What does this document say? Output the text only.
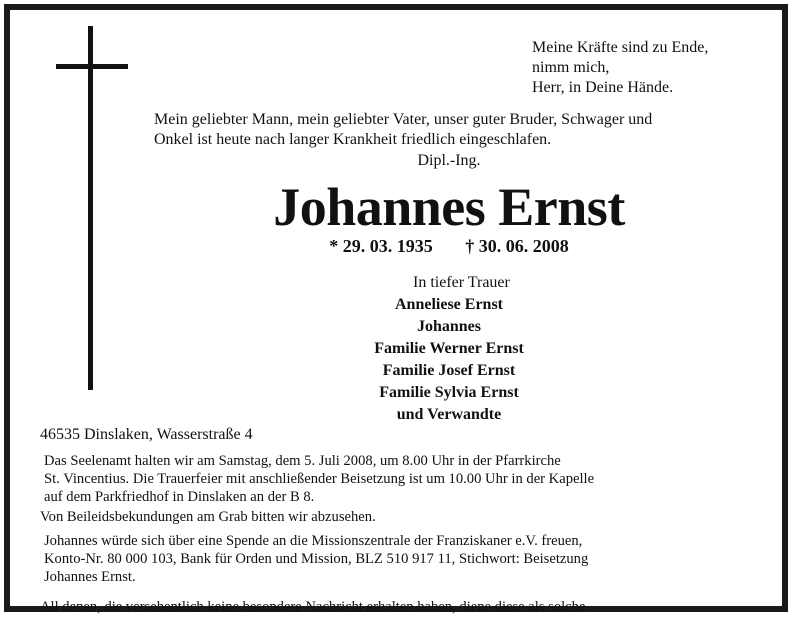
Meine Kräfte sind zu Ende,
nimm mich,
Herr, in Deine Hände.
Mein geliebter Mann, mein geliebter Vater, unser guter Bruder, Schwager und
Onkel ist heute nach langer Krankheit friedlich eingeschlafen.
Dipl.-Ing.
Johannes Ernst
* 29. 03. 1935 † 30. 06. 2008
In tiefer Trauer
Anneliese Ernst
Johannes
Familie Werner Ernst
Familie Josef Ernst
Familie Sylvia Ernst
und Verwandte
46535 Dinslaken, Wasserstraße 4
Das Seelenamt halten wir am Samstag, dem 5. Juli 2008, um 8.00 Uhr in der Pfarrkirche
St. Vincentius. Die Trauerfeier mit anschließender Beisetzung ist um 10.00 Uhr in der Kapelle
auf dem Parkfriedhof in Dinslaken an der B 8.
Von Beileidsbekundungen am Grab bitten wir abzusehen.
Johannes würde sich über eine Spende an die Missionszentrale der Franziskaner e.V. freuen,
Konto-Nr. 80 000 103, Bank für Orden und Mission, BLZ 510 917 11, Stichwort: Beisetzung
Johannes Ernst.
All denen, die versehentlich keine besondere Nachricht erhalten haben, diene diese als solche.
